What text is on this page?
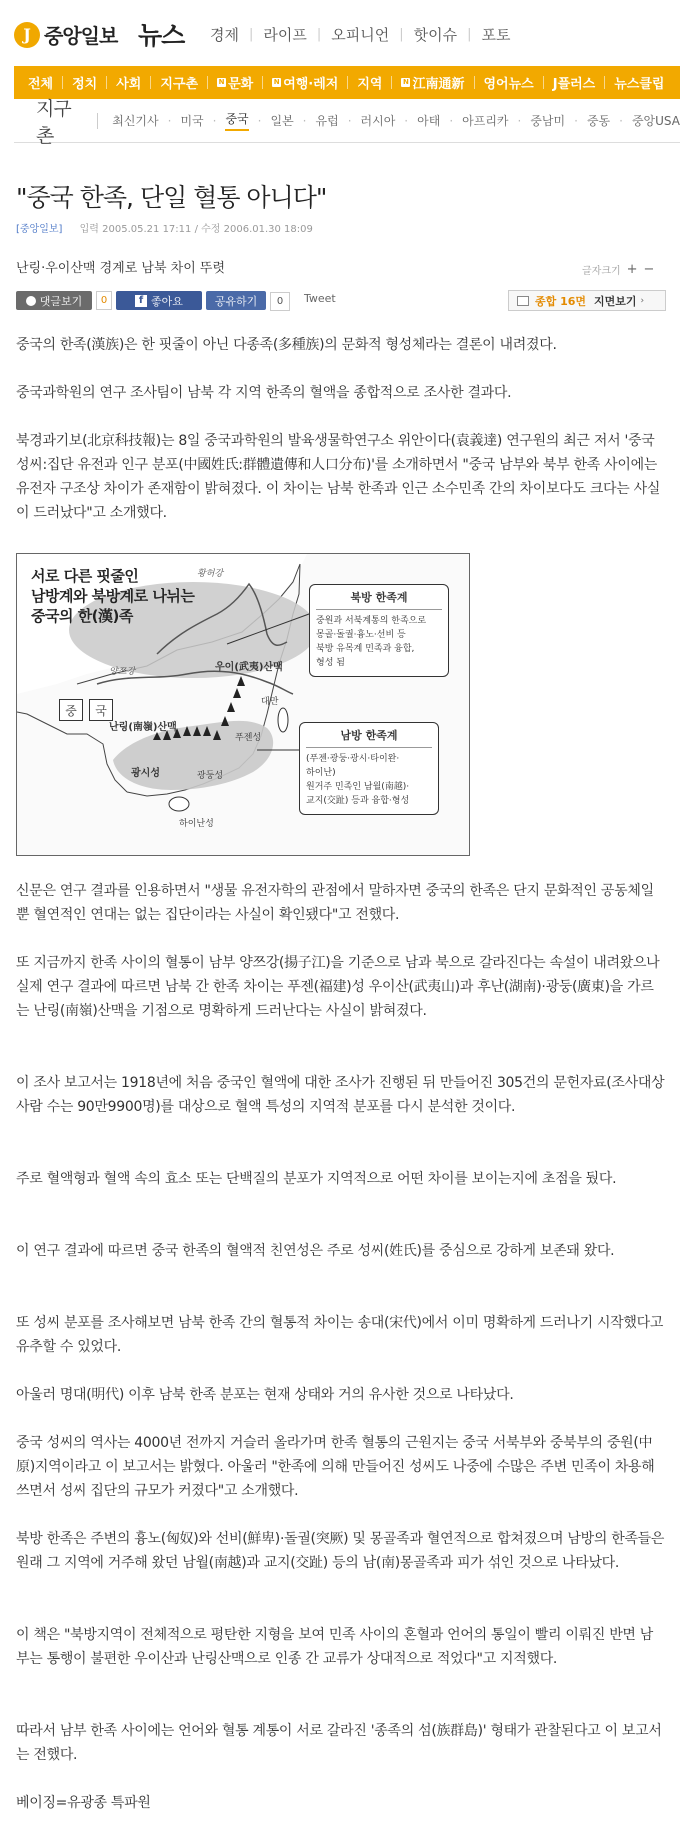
J 중앙일보 뉴스 경제 | 라이프 | 오피니언 | 핫이슈 | 포토
전체 정치 사회 지구촌	N 문화	N 여행·레저 지역	N 江南通新 영어뉴스 J플러스 뉴스클립
지구촌
최신기사 · 미국 · 중국 · 일본 · 유럽 · 러시아 · 아태 · 아프리카 · 중남미 · 중동 · 중앙USA
"중국 한족, 단일 혈통 아니다"
[중앙일보] 입력 2005.05.21 17:11 / 수정 2006.01.30 18:09
난링·우이산맥 경계로 남북 차이 뚜렷	글자크기 + −
댓글보기	0	f 좋아요	공유하기	0	Tweet	종합 16면 지면보기 ›

중국의 한족(漢族)은 한 핏줄이 아닌 다종족(多種族)의 문화적 형성체라는 결론이 내려졌다.

중국과학원의 연구 조사팀이 남북 각 지역 한족의 혈액을 종합적으로 조사한 결과다.

북경과기보(北京科技報)는 8일 중국과학원의 발육생물학연구소 위안이다(袁義達) 연구원의 최근 저서 '중국 성씨:집단 유전과 인구 분포(中國姓氏:群體遺傳和人口分布)'를 소개하면서 "중국 남부와 북부 한족 사이에는 유전자 구조상 차이가 존재함이 밝혀졌다. 이 차이는 남북 한족과 인근 소수민족 간의 차이보다도 크다는 사실이 드러났다"고 소개했다.

서로 다른 핏줄인
남방계와 북방계로 나뉘는
중국의 한(漢)족
중	국
황허강
양쯔강	우이(武夷)산맥
난링(南嶺)산맥
푸젠성
대만
광시성	광둥성
하이난성
북방 한족계
중원과 서북계통의 한족으로
몽골·돌궐·흉노·선비 등
북방 유목계 민족과 융합,
형성 됨
남방 한족계
(푸젠·광둥·광시·타이완·
하이난)
원거주 민족인 남월(南越)·
교지(交趾) 등과 융합·형성

신문은 연구 결과를 인용하면서 "생물 유전자학의 관점에서 말하자면 중국의 한족은 단지 문화적인 공동체일 뿐 혈연적인 연대는 없는 집단이라는 사실이 확인됐다"고 전했다.

또 지금까지 한족 사이의 혈통이 남부 양쯔강(揚子江)을 기준으로 남과 북으로 갈라진다는 속설이 내려왔으나 실제 연구 결과에 따르면 남북 간 한족 차이는 푸젠(福建)성 우이산(武夷山)과 후난(湖南)·광둥(廣東)을 가르는 난링(南嶺)산맥을 기점으로 명확하게 드러난다는 사실이 밝혀졌다.

이 조사 보고서는 1918년에 처음 중국인 혈액에 대한 조사가 진행된 뒤 만들어진 305건의 문헌자료(조사대상 사람 수는 90만9900명)를 대상으로 혈액 특성의 지역적 분포를 다시 분석한 것이다.

주로 혈액형과 혈액 속의 효소 또는 단백질의 분포가 지역적으로 어떤 차이를 보이는지에 초점을 뒀다.

이 연구 결과에 따르면 중국 한족의 혈액적 친연성은 주로 성씨(姓氏)를 중심으로 강하게 보존돼 왔다.

또 성씨 분포를 조사해보면 남북 한족 간의 혈통적 차이는 송대(宋代)에서 이미 명확하게 드러나기 시작했다고 유추할 수 있었다.

아울러 명대(明代) 이후 남북 한족 분포는 현재 상태와 거의 유사한 것으로 나타났다.

중국 성씨의 역사는 4000년 전까지 거슬러 올라가며 한족 혈통의 근원지는 중국 서북부와 중북부의 중원(中原)지역이라고 이 보고서는 밝혔다. 아울러 "한족에 의해 만들어진 성씨도 나중에 수많은 주변 민족이 차용해 쓰면서 성씨 집단의 규모가 커졌다"고 소개했다.

북방 한족은 주변의 흉노(匈奴)와 선비(鮮卑)·돌궐(突厥) 및 몽골족과 혈연적으로 합쳐졌으며 남방의 한족들은 원래 그 지역에 거주해 왔던 남월(南越)과 교지(交趾) 등의 남(南)몽골족과 피가 섞인 것으로 나타났다.

이 책은 "북방지역이 전체적으로 평탄한 지형을 보여 민족 사이의 혼혈과 언어의 통일이 빨리 이뤄진 반면 남부는 통행이 불편한 우이산과 난링산맥으로 인종 간 교류가 상대적으로 적었다"고 지적했다.

따라서 남부 한족 사이에는 언어와 혈통 계통이 서로 갈라진 '종족의 섬(族群島)' 형태가 관찰된다고 이 보고서는 전했다.

베이징=유광종 특파원
